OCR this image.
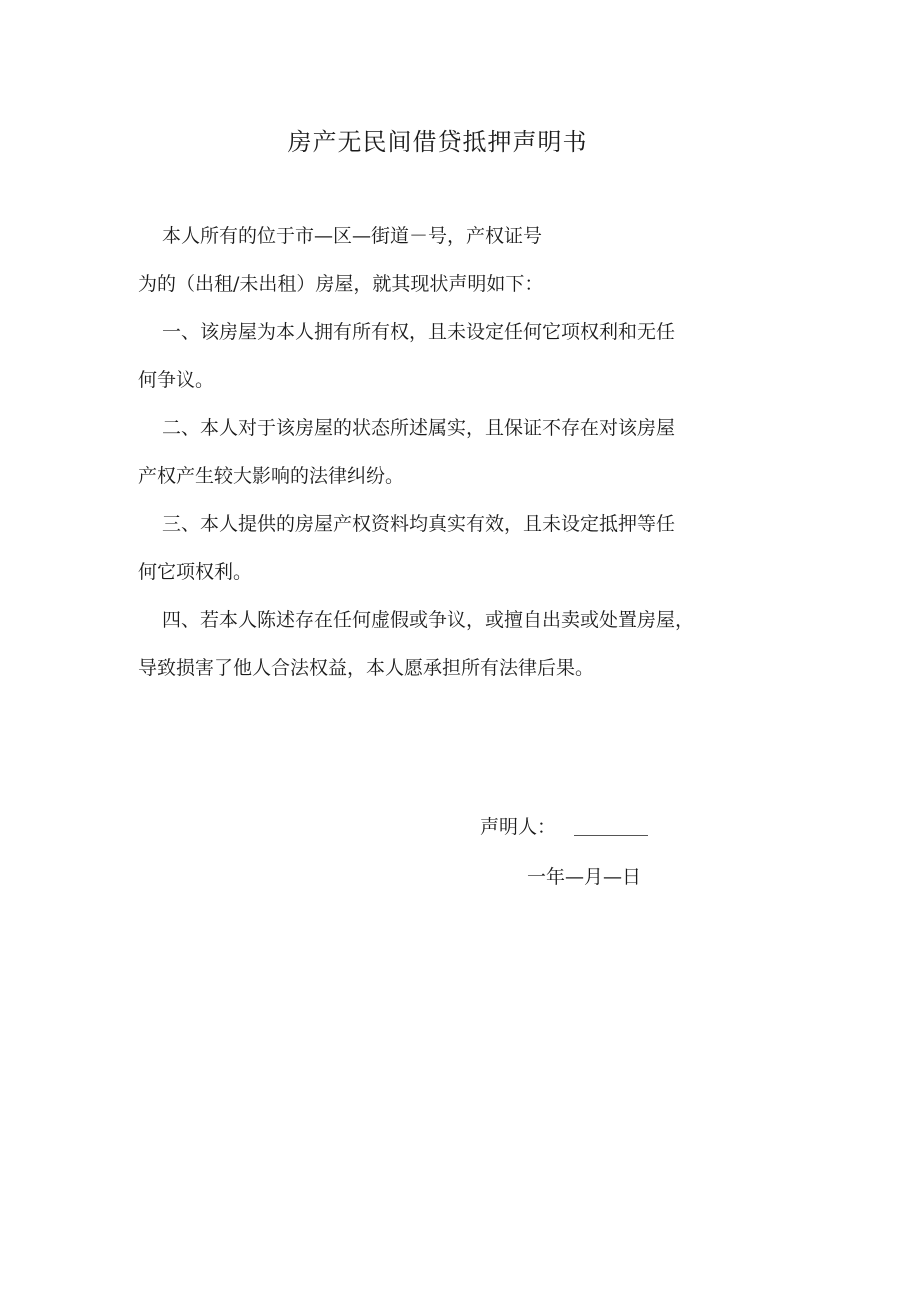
房产无民间借贷抵押声明书
本人所有的位于市—区—街道－号，产权证号
为的（出租/未出租）房屋，就其现状声明如下：
一、该房屋为本人拥有所有权，且未设定任何它项权利和无任
何争议。
二、本人对于该房屋的状态所述属实，且保证不存在对该房屋
产权产生较大影响的法律纠纷。
三、本人提供的房屋产权资料均真实有效，且未设定抵押等任
何它项权利。
四、若本人陈述存在任何虚假或争议，或擅自出卖或处置房屋，
导致损害了他人合法权益，本人愿承担所有法律后果。
声明人：
一年—月—日
